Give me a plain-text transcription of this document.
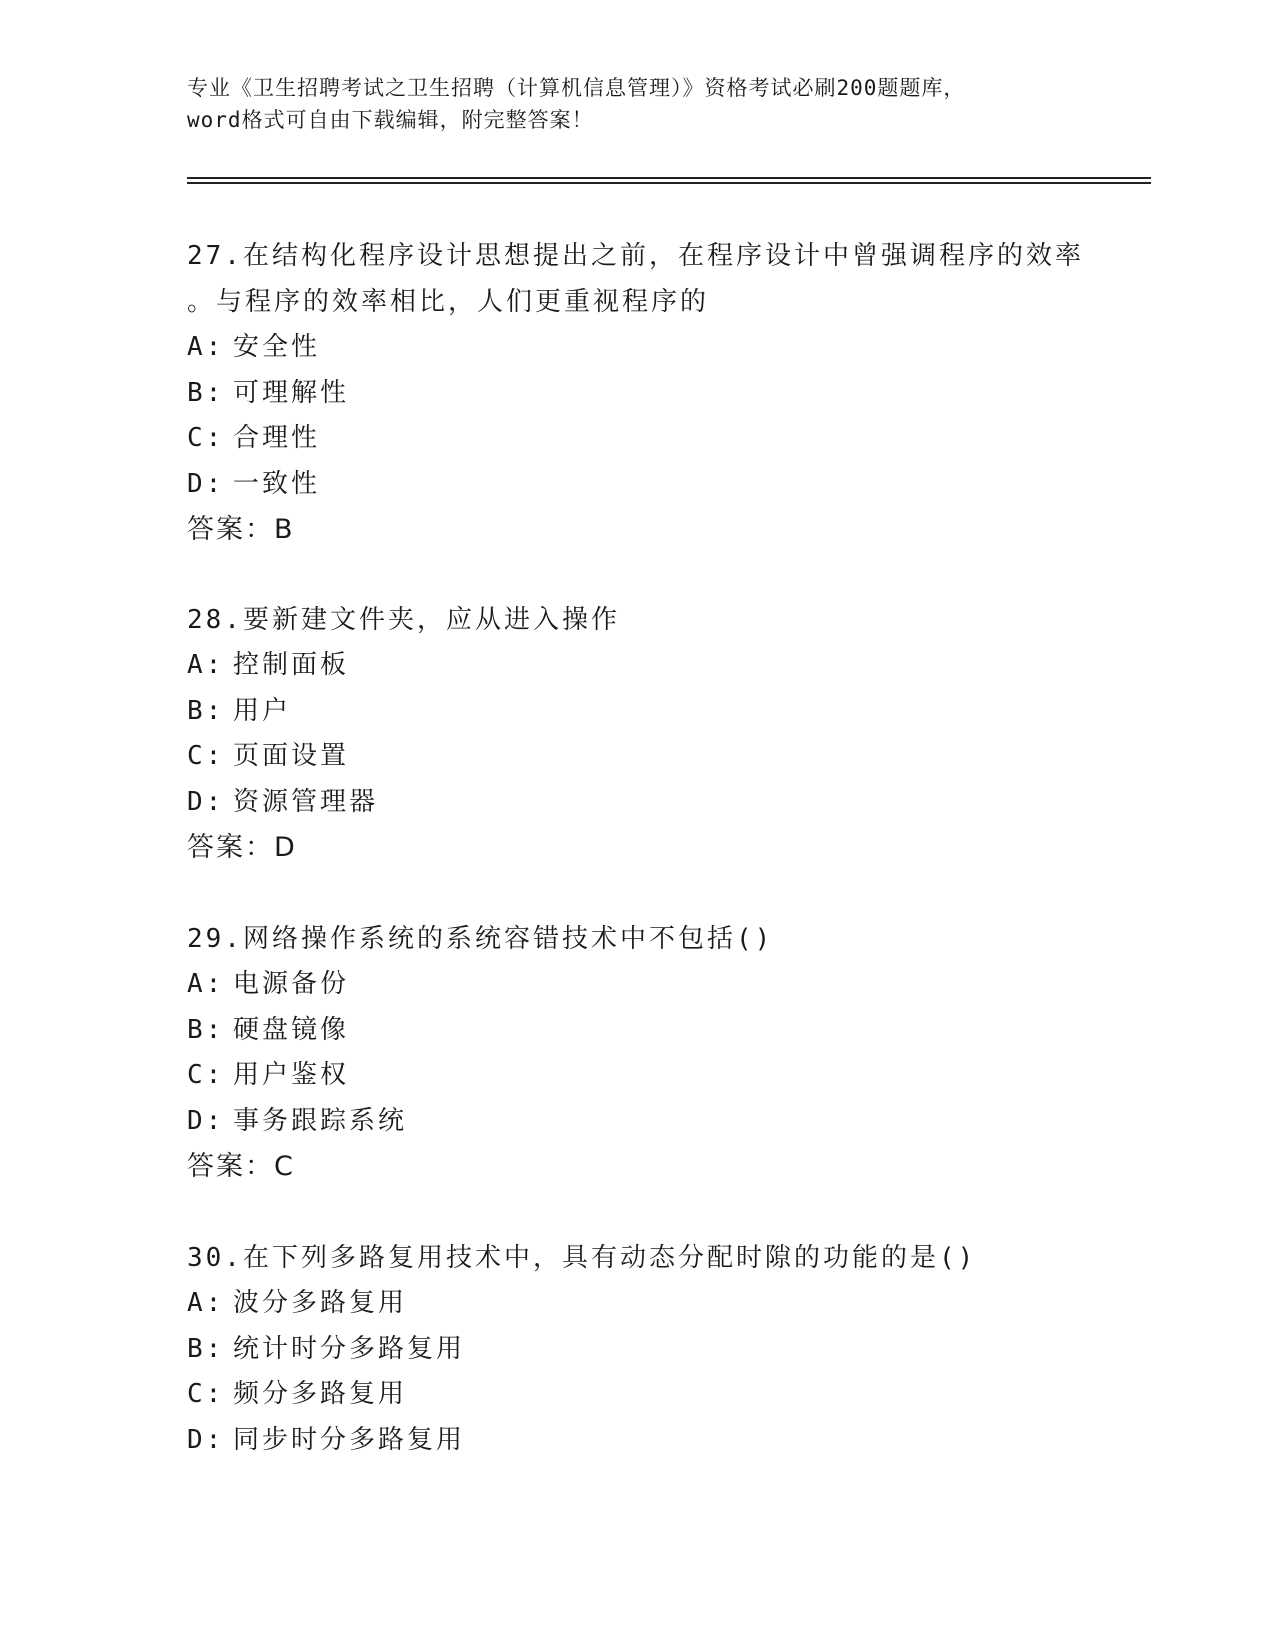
专业《卫生招聘考试之卫生招聘（计算机信息管理）》资格考试必刷200题题库，
word格式可自由下载编辑，附完整答案！
27.在结构化程序设计思想提出之前，在程序设计中曾强调程序的效率
。与程序的效率相比，人们更重视程序的
A: 安全性
B: 可理解性
C: 合理性
D: 一致性
答案：B
28.要新建文件夹，应从进入操作
A: 控制面板
B: 用户
C: 页面设置
D: 资源管理器
答案：D
29.网络操作系统的系统容错技术中不包括()
A: 电源备份
B: 硬盘镜像
C: 用户鉴权
D: 事务跟踪系统
答案：C
30.在下列多路复用技术中，具有动态分配时隙的功能的是()
A: 波分多路复用
B: 统计时分多路复用
C: 频分多路复用
D: 同步时分多路复用
